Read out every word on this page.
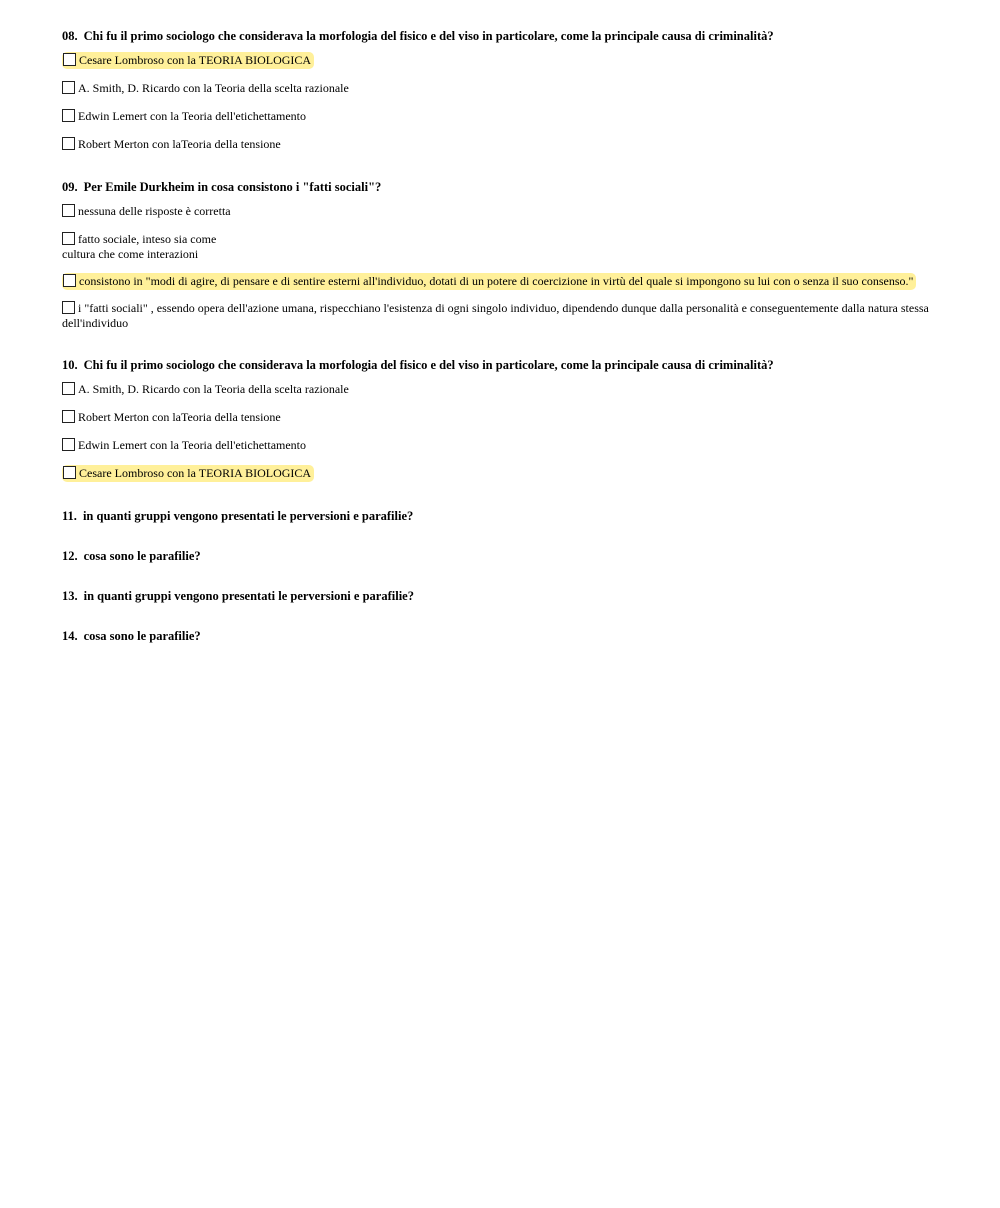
08. Chi fu il primo sociologo che considerava la morfologia del fisico e del viso in particolare, come la principale causa di criminalità?

Cesare Lombroso con la TEORIA BIOLOGICA
A. Smith, D. Ricardo con la Teoria della scelta razionale
Edwin Lemert con la Teoria dell'etichettamento
Robert Merton con laTeoria della tensione

09. Per Emile Durkheim in cosa consistono i "fatti sociali"?

nessuna delle risposte è corretta
fatto sociale, inteso sia come
cultura che come interazioni
consistono in "modi di agire, di pensare e di sentire esterni all'individuo, dotati di un potere di coercizione in virtù del quale si impongono su lui con o senza il suo consenso."
i "fatti sociali" , essendo opera dell'azione umana, rispecchiano l'esistenza di ogni singolo individuo, dipendendo dunque dalla personalità e conseguentemente dalla natura stessa dell'individuo

10. Chi fu il primo sociologo che considerava la morfologia del fisico e del viso in particolare, come la principale causa di criminalità?

A. Smith, D. Ricardo con la Teoria della scelta razionale
Robert Merton con laTeoria della tensione
Edwin Lemert con la Teoria dell'etichettamento
Cesare Lombroso con la TEORIA BIOLOGICA

11. in quanti gruppi vengono presentati le perversioni e parafilie?

12. cosa sono le parafilie?

13. in quanti gruppi vengono presentati le perversioni e parafilie?

14. cosa sono le parafilie?
